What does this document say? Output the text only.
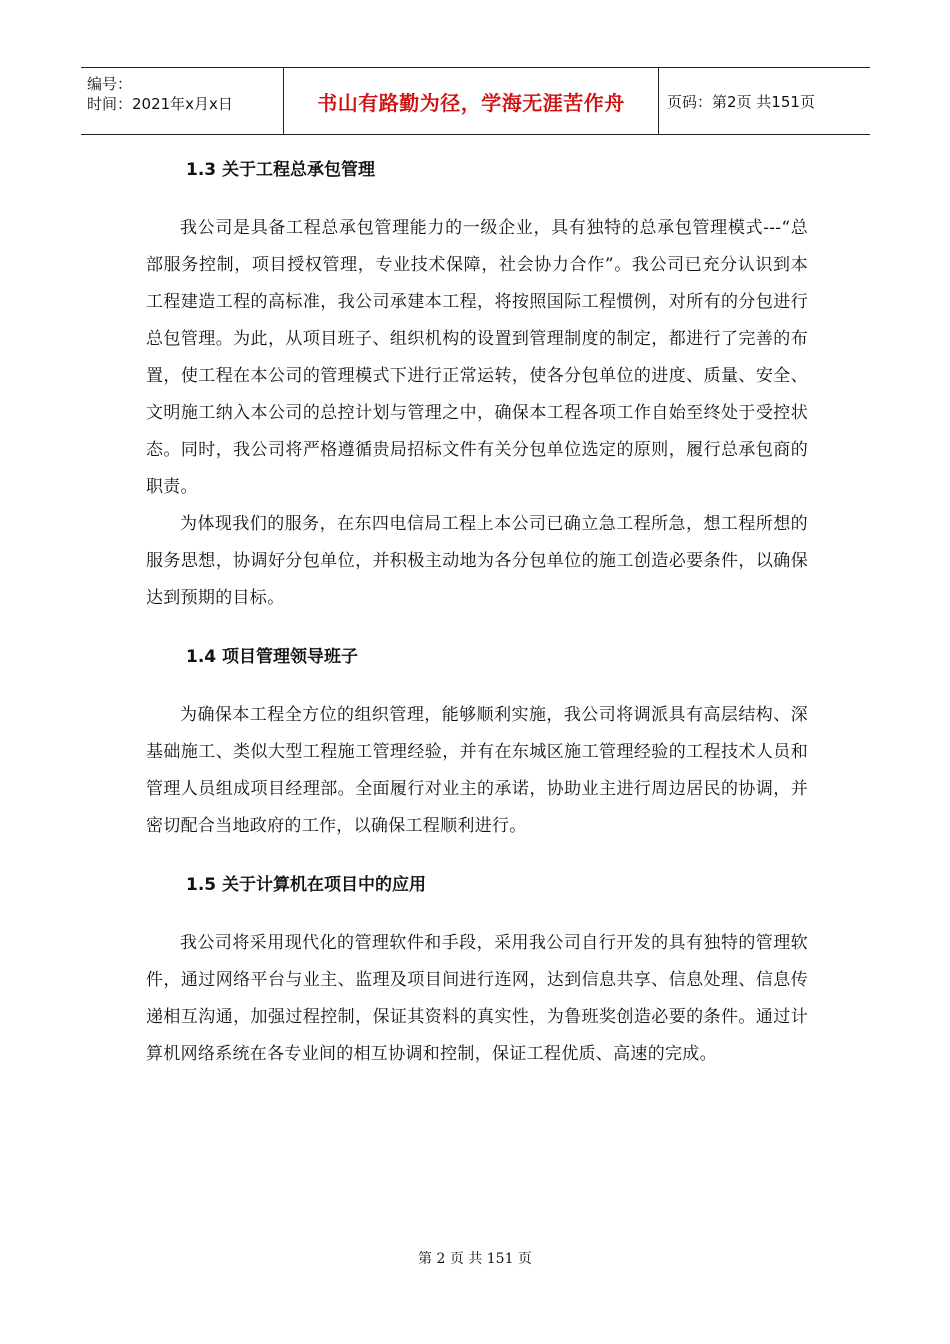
编号：
时间：2021年x月x日	书山有路勤为径，学海无涯苦作舟	页码：第2页 共151页
1.3 关于工程总承包管理

我公司是具备工程总承包管理能力的一级企业，具有独特的总承包管理模式---“总部服务控制，项目授权管理，专业技术保障，社会协力合作”。我公司已充分认识到本工程建造工程的高标准，我公司承建本工程，将按照国际工程惯例，对所有的分包进行总包管理。为此，从项目班子、组织机构的设置到管理制度的制定，都进行了完善的布置，使工程在本公司的管理模式下进行正常运转，使各分包单位的进度、质量、安全、文明施工纳入本公司的总控计划与管理之中，确保本工程各项工作自始至终处于受控状态。同时，我公司将严格遵循贵局招标文件有关分包单位选定的原则，履行总承包商的职责。

为体现我们的服务，在东四电信局工程上本公司已确立急工程所急，想工程所想的服务思想，协调好分包单位，并积极主动地为各分包单位的施工创造必要条件，以确保达到预期的目标。

1.4 项目管理领导班子

为确保本工程全方位的组织管理，能够顺利实施，我公司将调派具有高层结构、深基础施工、类似大型工程施工管理经验，并有在东城区施工管理经验的工程技术人员和管理人员组成项目经理部。全面履行对业主的承诺，协助业主进行周边居民的协调，并密切配合当地政府的工作，以确保工程顺利进行。

1.5 关于计算机在项目中的应用

我公司将采用现代化的管理软件和手段，采用我公司自行开发的具有独特的管理软件，通过网络平台与业主、监理及项目间进行连网，达到信息共享、信息处理、信息传递相互沟通，加强过程控制，保证其资料的真实性，为鲁班奖创造必要的条件。通过计算机网络系统在各专业间的相互协调和控制，保证工程优质、高速的完成。

第 2 页 共 151 页
